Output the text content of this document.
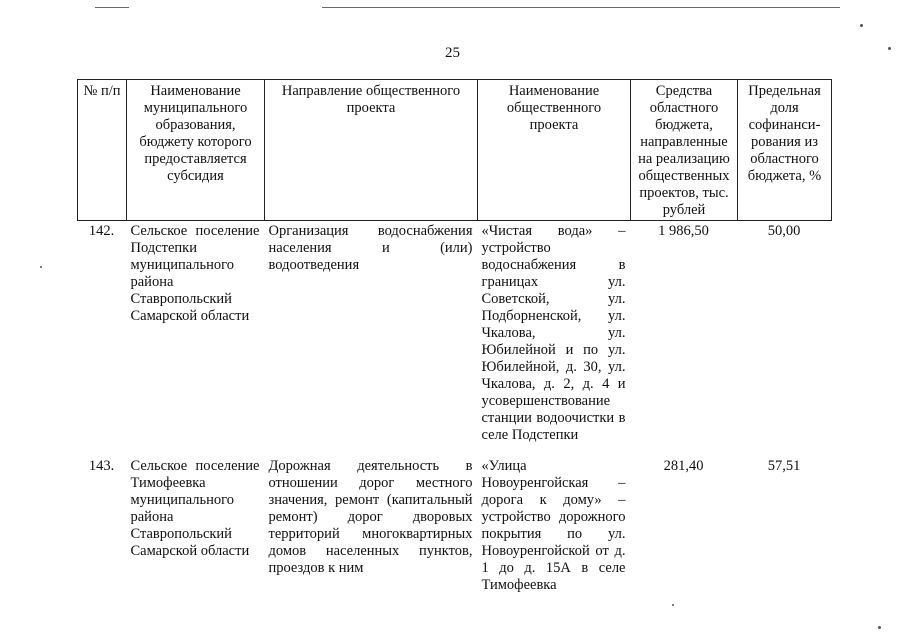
25
№ п/п	Наименование муниципального образования, бюджету которого предоставляется субсидия	Направление общественного проекта	Наименование общественного проекта	Средства областного бюджета, направленные на реализацию общественных проектов, тыс. рублей	Предельная доля софинансирования из областного бюджета, %
142.	Сельское поселение Подстепки муниципального района Ставропольский Самарской области	Организация водоснабжения населения и (или) водоотведения	«Чистая вода» – устройство водоснабжения в границах ул. Советской, ул. Подборненской, ул. Чкалова, ул. Юбилейной и по ул. Юбилейной, д. 30, ул. Чкалова, д. 2, д. 4 и усовершенствование станции водоочистки в селе Подстепки	1 986,50	50,00
143.	Сельское поселение Тимофеевка муниципального района Ставропольский Самарской области	Дорожная деятельность в отношении дорог местного значения, ремонт (капитальный ремонт) дорог дворовых территорий многоквартирных домов населенных пунктов, проездов к ним	«Улица Новоуренгойская – дорога к дому» – устройство дорожного покрытия по ул. Новоуренгойской от д. 1 до д. 15А в селе Тимофеевка	281,40	57,51
